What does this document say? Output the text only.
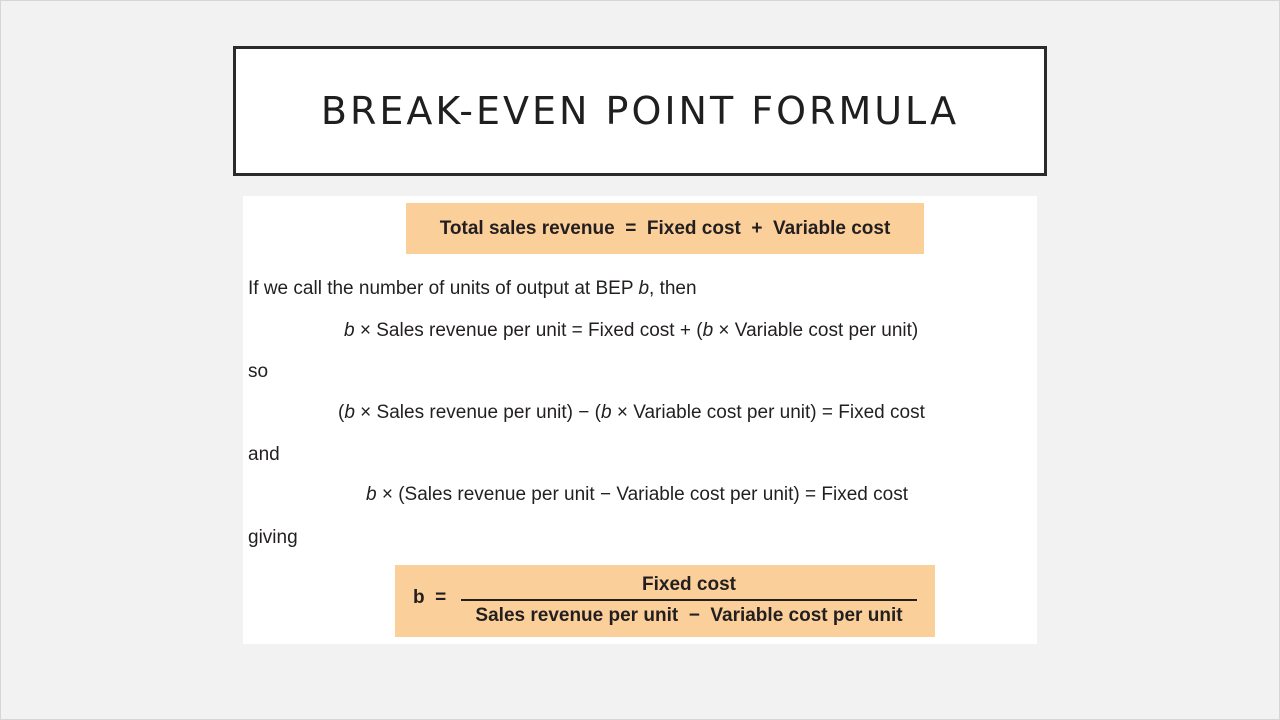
BREAK-EVEN POINT FORMULA
Total sales revenue  =  Fixed cost  +  Variable cost
If we call the number of units of output at BEP b, then
b × Sales revenue per unit = Fixed cost + (b × Variable cost per unit)
so
(b × Sales revenue per unit) − (b × Variable cost per unit) = Fixed cost
and
b × (Sales revenue per unit − Variable cost per unit) = Fixed cost
giving
b  =
Fixed cost
Sales revenue per unit  −  Variable cost per unit
